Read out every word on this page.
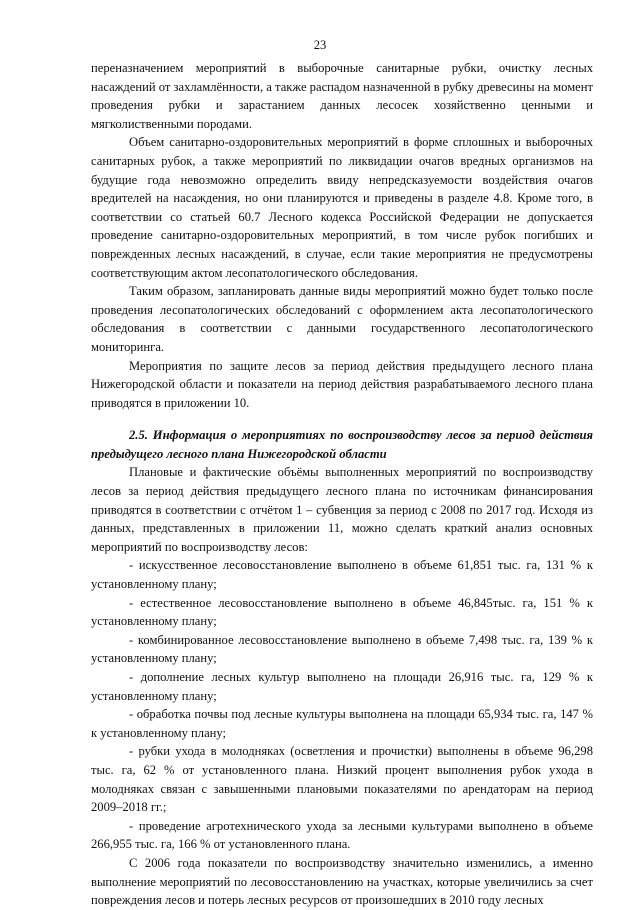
23

переназначением мероприятий в выборочные санитарные рубки, очистку лесных насаждений от захламлённости, а также распадом назначенной в рубку древесины на момент проведения рубки и зарастанием данных лесосек хозяйственно ценными и мягколиственными породами.

Объем санитарно-оздоровительных мероприятий в форме сплошных и выборочных санитарных рубок, а также мероприятий по ликвидации очагов вредных организмов на будущие года невозможно определить ввиду непредсказуемости воздействия очагов вредителей на насаждения, но они планируются и приведены в разделе 4.8. Кроме того, в соответствии со статьей 60.7 Лесного кодекса Российской Федерации не допускается проведение санитарно-оздоровительных мероприятий, в том числе рубок погибших и поврежденных лесных насаждений, в случае, если такие мероприятия не предусмотрены соответствующим актом лесопатологического обследования.

Таким образом, запланировать данные виды мероприятий можно будет только после проведения лесопатологических обследований с оформлением акта лесопатологического обследования в соответствии с данными государственного лесопатологического мониторинга.

Мероприятия по защите лесов за период действия предыдущего лесного плана Нижегородской области и показатели на период действия разрабатываемого лесного плана приводятся в приложении 10.

2.5. Информация о мероприятиях по воспроизводству лесов за период действия предыдущего лесного плана Нижегородской области

Плановые и фактические объёмы выполненных мероприятий по воспроизводству лесов за период действия предыдущего лесного плана по источникам финансирования приводятся в соответствии с отчётом 1 – субвенция за период с 2008 по 2017 год. Исходя из данных, представленных в приложении 11, можно сделать краткий анализ основных мероприятий по воспроизводству лесов:

- искусственное лесовосстановление выполнено в объеме 61,851 тыс. га, 131 % к установленному плану;

- естественное лесовосстановление выполнено в объеме 46,845тыс. га, 151 % к установленному плану;

- комбинированное лесовосстановление выполнено в объеме 7,498 тыс. га, 139 % к установленному плану;

- дополнение лесных культур выполнено на площади 26,916 тыс. га, 129 % к установленному плану;

- обработка почвы под лесные культуры выполнена на площади 65,934 тыс. га, 147 % к установленному плану;

- рубки ухода в молодняках (осветления и прочистки) выполнены в объеме 96,298 тыс. га, 62 % от установленного плана. Низкий процент выполнения рубок ухода в молодняках связан с завышенными плановыми показателями по арендаторам на период 2009–2018 гг.;

- проведение агротехнического ухода за лесными культурами выполнено в объеме 266,955 тыс. га, 166 % от установленного плана.

С 2006 года показатели по воспроизводству значительно изменились, а именно выполнение мероприятий по лесовосстановлению на участках, которые увеличились за счет повреждения лесов и потерь лесных ресурсов от произошедших в 2010 году лесных
